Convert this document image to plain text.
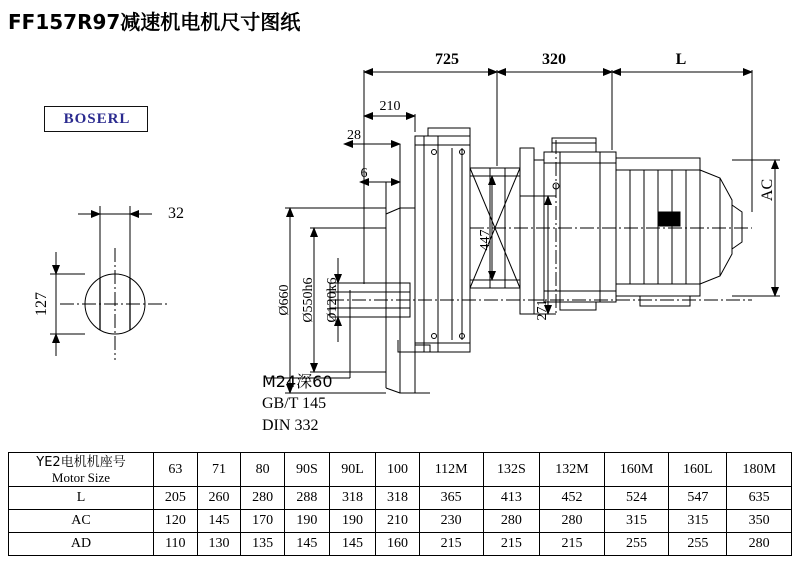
FF157R97减速机电机尺寸图纸
BOSERL
725	320	L
210
28
6
32
127	Ø660 Ø550h6 Ø120k6
447
271
AC
M24深60
GB/T 145
DIN 332
YE2电机机座号
Motor Size	63	71	80	90S	90L	100	112M	132S	132M	160M	160L	180M
L	205	260	280	288	318	318	365	413	452	524	547	635
AC	120	145	170	190	190	210	230	280	280	315	315	350
AD	110	130	135	145	145	160	215	215	215	255	255	280
